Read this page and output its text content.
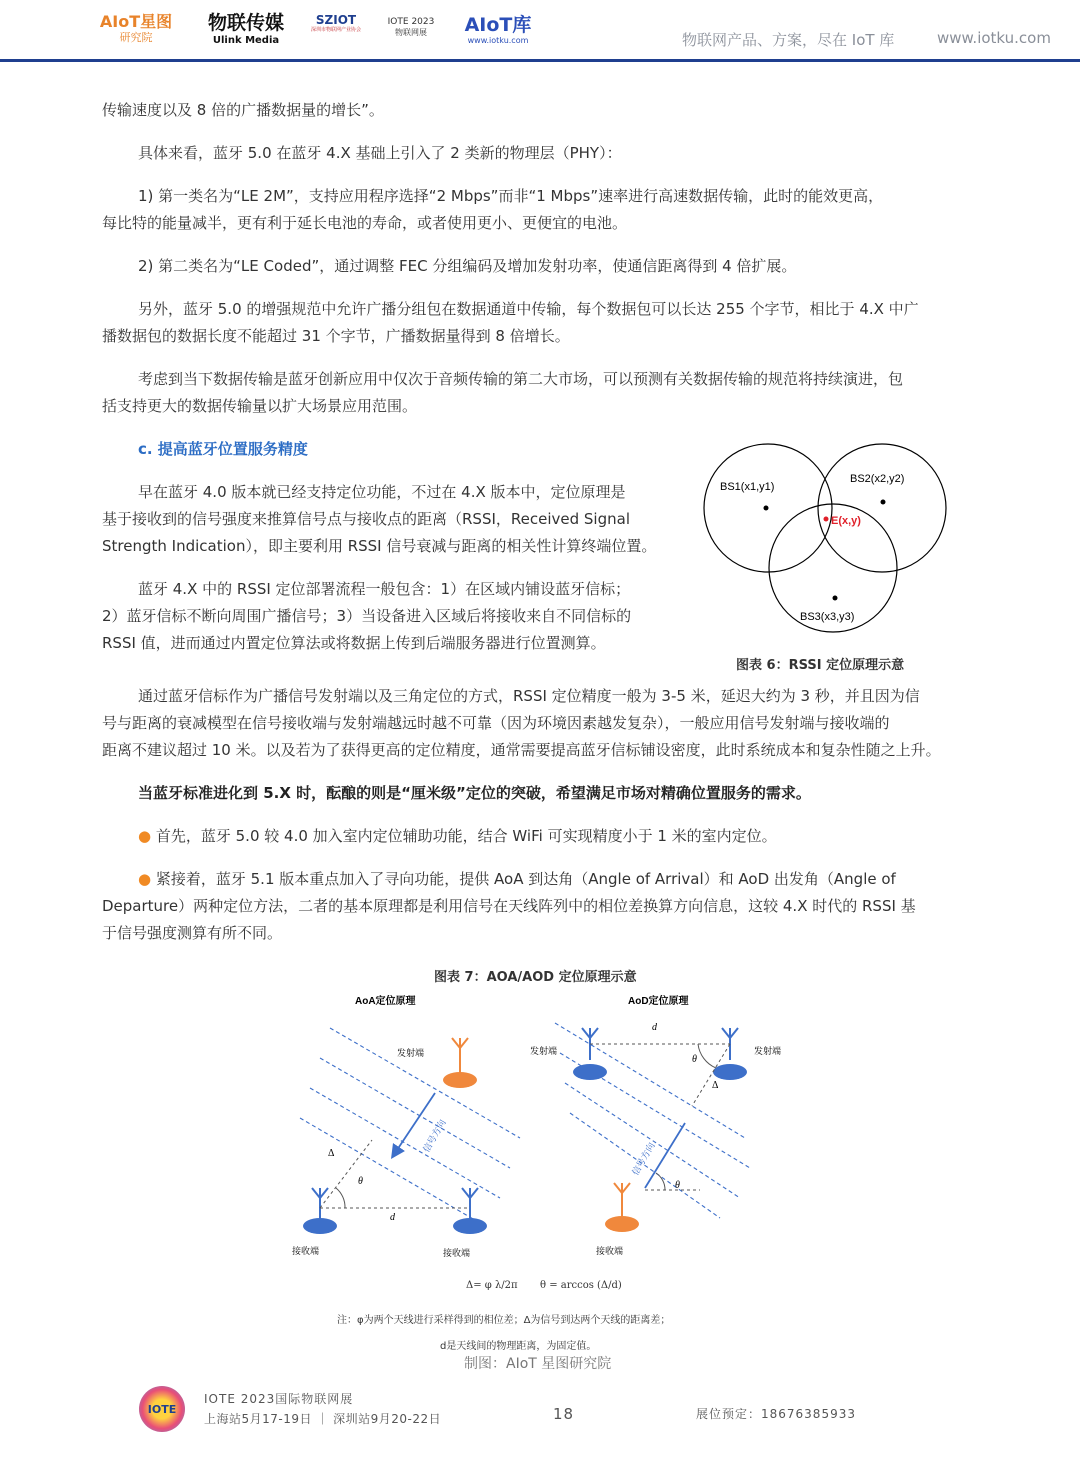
AIoT星图
研究院
物联传媒
Ulink Media
SZIOT
深圳市物联网产业协会
IOTE 2023
物联网展 AIoT库
www.iotku.com	物联网产品、方案，尽在 IoT 库	www.iotku.com
传输速度以及 8 倍的广播数据量的增长”。
具体来看，蓝牙 5.0 在蓝牙 4.X 基础上引入了 2 类新的物理层（PHY）：
1) 第一类名为“LE 2M”，支持应用程序选择“2 Mbps”而非“1 Mbps”速率进行高速数据传输，此时的能效更高，
每比特的能量减半，更有利于延长电池的寿命，或者使用更小、更便宜的电池。
2) 第二类名为“LE Coded”，通过调整 FEC 分组编码及增加发射功率，使通信距离得到 4 倍扩展。
另外，蓝牙 5.0 的增强规范中允许广播分组包在数据通道中传输，每个数据包可以长达 255 个字节，相比于 4.X 中广
播数据包的数据长度不能超过 31 个字节，广播数据量得到 8 倍增长。
考虑到当下数据传输是蓝牙创新应用中仅次于音频传输的第二大市场，可以预测有关数据传输的规范将持续演进，包
括支持更大的数据传输量以扩大场景应用范围。
c. 提高蓝牙位置服务精度
早在蓝牙 4.0 版本就已经支持定位功能，不过在 4.X 版本中，定位原理是
基于接收到的信号强度来推算信号点与接收点的距离（RSSI，Received Signal
Strength Indication），即主要利用 RSSI 信号衰减与距离的相关性计算终端位置。
蓝牙 4.X 中的 RSSI 定位部署流程一般包含：1）在区域内铺设蓝牙信标；
2）蓝牙信标不断向周围广播信号；3）当设备进入区域后将接收来自不同信标的
RSSI 值，进而通过内置定位算法或将数据上传到后端服务器进行位置测算。
BS1(x1,y1)
BS2(x2,y2)
BS3(x3,y3)
E(x,y)
图表 6：RSSI 定位原理示意
通过蓝牙信标作为广播信号发射端以及三角定位的方式，RSSI 定位精度一般为 3-5 米，延迟大约为 3 秒，并且因为信
号与距离的衰减模型在信号接收端与发射端越远时越不可靠（因为环境因素越发复杂），一般应用信号发射端与接收端的
距离不建议超过 10 米。以及若为了获得更高的定位精度，通常需要提高蓝牙信标铺设密度，此时系统成本和复杂性随之上升。
当蓝牙标准进化到 5.X 时，酝酿的则是“厘米级”定位的突破，希望满足市场对精确位置服务的需求。
● 首先，蓝牙 5.0 较 4.0 加入室内定位辅助功能，结合 WiFi 可实现精度小于 1 米的室内定位。
● 紧接着，蓝牙 5.1 版本重点加入了寻向功能，提供 AoA 到达角（Angle of Arrival）和 AoD 出发角（Angle of
Departure）两种定位方法，二者的基本原理都是利用信号在天线阵列中的相位差换算方向信息，这较 4.X 时代的 RSSI 基
于信号强度测算有所不同。
图表 7：AOA/AOD 定位原理示意
AoA定位原理
信号方向
发射端
Δ
θ
d
接收端	接收端
AoD定位原理
信号方向
发射端	发射端
d
θ
Δ
θ
接收端
Δ= φ λ/2π θ = arccos (Δ/d)
注：φ为两个天线进行采样得到的相位差；Δ为信号到达两个天线的距离差；
d是天线间的物理距离，为固定值。
制图：AIoT 星图研究院
IOTE
IOTE 2023国际物联网展
上海站5月17-19日 ｜ 深圳站9月20-22日	18	展位预定：18676385933
